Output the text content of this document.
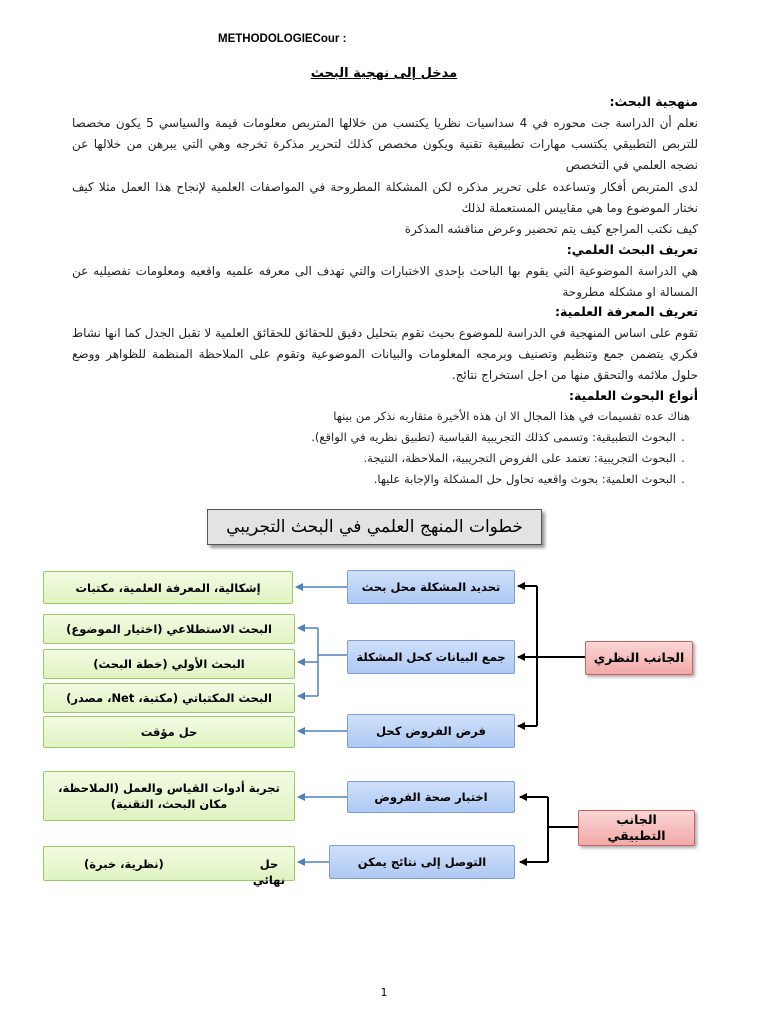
METHODOLOGIECour :
مدخل إلى نهجية البحث
منهجية البحث:
نعلم أن الدراسة جت محوره في 4 سداسيات نظريا يكتسب من خلالها المتربص معلومات قيمة والسياسي 5 يكون مخصصا للتربص التطبيقي يكتسب مهارات تطبيقية تقنية ويكون مخصص كذلك لتحرير مذكرة تخرجه وهي التي يبرهن من خلالها عن نضجه العلمي في التخصص
لدى المتربص أفكار وتساعده على تحرير مذكره لكن المشكلة المطروحة في المواصفات العلمية لإنجاح هذا العمل مثلا كيف نختار الموضوع وما هي مقاييس المستعملة لذلك
كيف نكتب المراجع كيف يتم تحضير وعرض مناقشه المذكرة
تعريف البحث العلمي:
هي الدراسة الموضوعية التي يقوم بها الباحث بإحدى الاختبارات والتي تهدف الى معرفه علميه واقعيه ومعلومات تفصيليه عن المسالة او مشكله مطروحة
تعريف المعرفة العلمية:
تقوم على اساس المنهجية في الدراسة للموضوع بحيث تقوم بتحليل دقيق للحقائق للحقائق العلمية لا تقبل الجدل كما انها نشاط فكري يتضمن جمع وتنظيم وتصنيف وبرمجه المعلومات والبيانات الموضوعية وتقوم على الملاحظة المنظمة للظواهر ووضع حلول ملائمه والتحقق منها من اجل استخراج نتائج.
أنواع البحوث العلمية:
هناك عده تقسيمات في هذا المجال الا ان هذه الأخيرة متقاربه نذكر من بينها
.البحوث التطبيقية: وتسمى كذلك التجريبية القياسية (تطبيق نظريه في الواقع).
.البحوث التجريبية: تعتمد على الفروض التجريبية، الملاحظة، النتيجة.
.البحوث العلمية: بحوث واقعيه تحاول حل المشكلة والإجابة عليها.
خطوات المنهج العلمي في البحث التجريبي
الجانب النظري
الجانب التطبيقي
تحديد المشكلة محل بحث
جمع البيانات كحل المشكلة
فرض الفروض كحل
اختبار صحة الفروض
التوصل إلى نتائج يمكن
إشكالية، المعرفة العلمية، مكتبات
البحث الاستطلاعي (اختيار الموضوع)
البحث الأولي (خطة البحث)
البحث المكتباتي (مكتبة، Net، مصدر)
حل مؤقت
تجربة أدوات القياس والعمل (الملاحظة، مكان البحث، التقنية)
حل نهائي
(نظرية، خبرة)
1
